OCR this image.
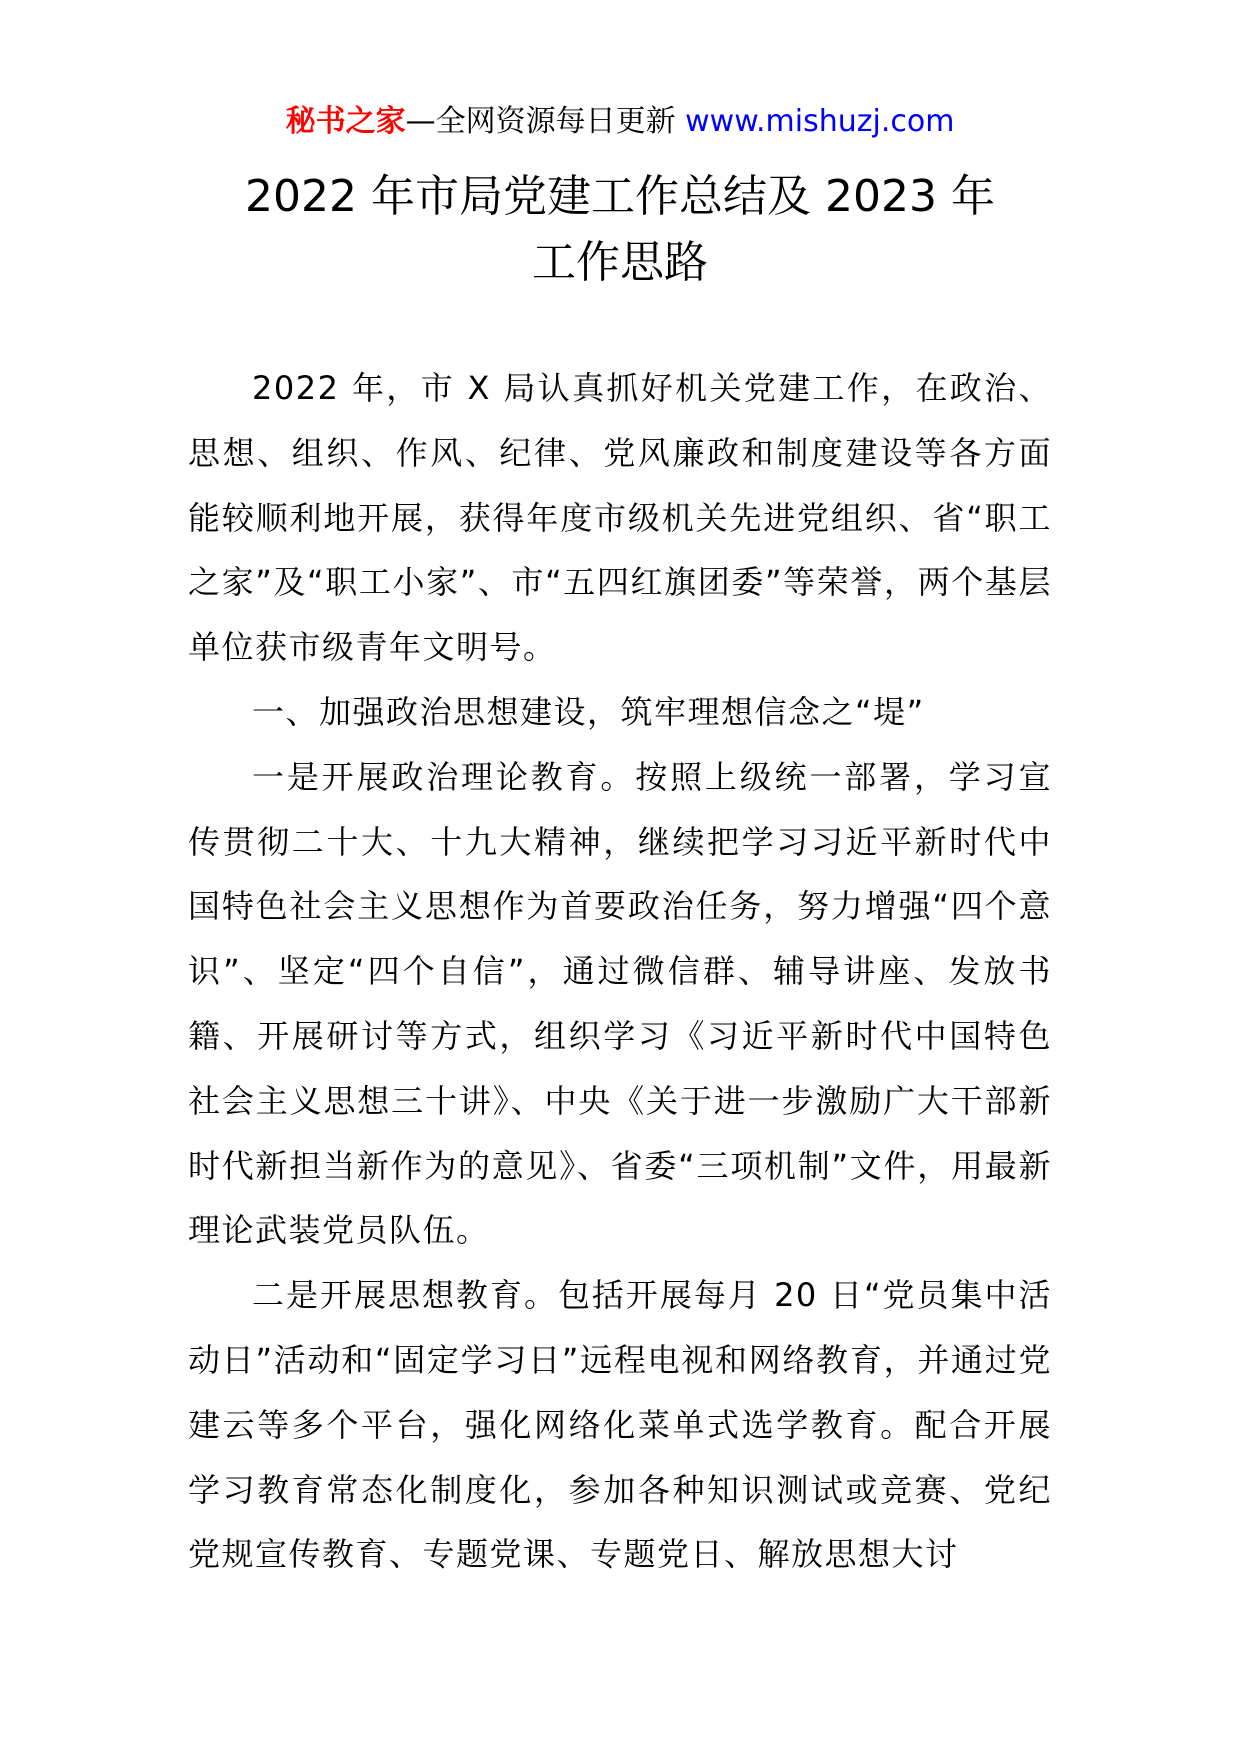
秘书之家—全网资源每日更新 www.mishuzj.com
2022 年市局党建工作总结及 2023 年
工作思路

2022 年，市 X 局认真抓好机关党建工作，在政治、思想、组织、作风、纪律、党风廉政和制度建设等各方面能较顺利地开展，获得年度市级机关先进党组织、省“职工之家”及“职工小家”、市“五四红旗团委”等荣誉，两个基层单位获市级青年文明号。

一、加强政治思想建设，筑牢理想信念之“堤”

一是开展政治理论教育。按照上级统一部署，学习宣传贯彻二十大、十九大精神，继续把学习习近平新时代中国特色社会主义思想作为首要政治任务，努力增强“四个意识”、坚定“四个自信”，通过微信群、辅导讲座、发放书籍、开展研讨等方式，组织学习《习近平新时代中国特色社会主义思想三十讲》、中央《关于进一步激励广大干部新时代新担当新作为的意见》、省委“三项机制”文件，用最新理论武装党员队伍。

二是开展思想教育。包括开展每月 20 日“党员集中活动日”活动和“固定学习日”远程电视和网络教育，并通过党建云等多个平台，强化网络化菜单式选学教育。配合开展学习教育常态化制度化，参加各种知识测试或竞赛、党纪党规宣传教育、专题党课、专题党日、解放思想大讨
